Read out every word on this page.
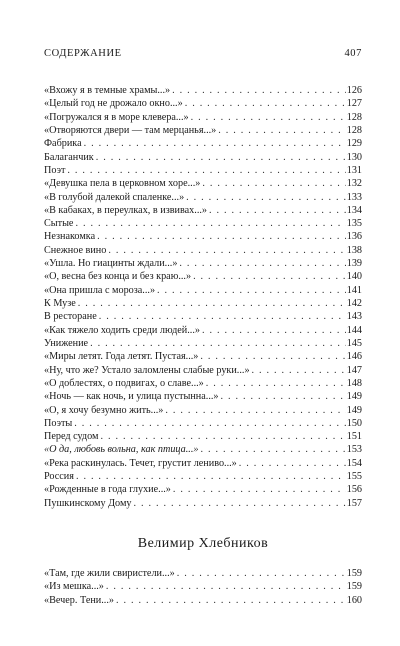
СОДЕРЖАНИЕ	407
«Вхожу я в темные храмы...» . . .	126
«Целый год не дрожало окно...» . . .	127
«Погружался я в море клевера...» . . .	128
«Отворяются двери — там мерцанья...» . . .	128
Фабрика . . .	129
Балаганчик . . .	130
Поэт . . .	131
«Девушка пела в церковном хоре...» . . .	132
«В голубой далекой спаленке...» . . .	133
«В кабаках, в переулках, в извивах...» . . .	134
Сытые . . .	135
Незнакомка . . .	136
Снежное вино . . .	138
«Ушла. Но гиацинты ждали...» . . .	139
«О, весна без конца и без краю...» . . .	140
«Она пришла с мороза...» . . .	141
К Музе . . .	142
В ресторане . . .	143
«Как тяжело ходить среди людей...» . . .	144
Унижение . . .	145
«Миры летят. Года летят. Пустая...» . . .	146
«Ну, что же? Устало заломлены слабые руки...» . . .	147
«О доблестях, о подвигах, о славе...» . . .	148
«Ночь — как ночь, и улица пустынна...» . . .	149
«О, я хочу безумно жить...» . . .	149
Поэты . . .	150
Перед судом . . .	151
«О да, любовь вольна, как птица...» . . .	153
«Река раскинулась. Течет, грустит лениво...» . . .	154
Россия . . .	155
«Рожденные в года глухие...» . . .	156
Пушкинскому Дому . . .	157
Велимир Хлебников
«Там, где жили свиристели...» . . .	159
«Из мешка...» . . .	159
«Вечер. Тени...» . . .	160
